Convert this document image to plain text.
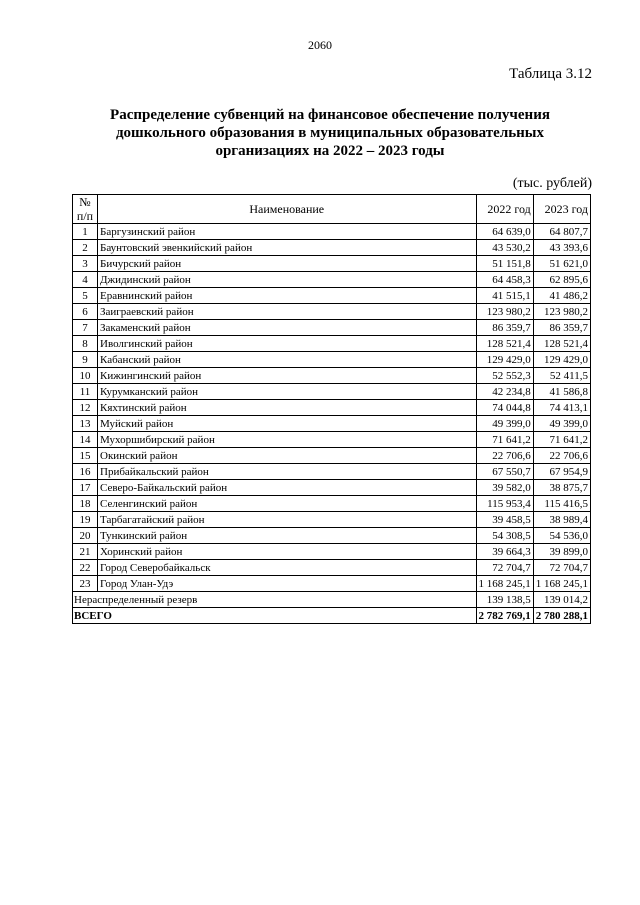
2060
Таблица 3.12
Распределение субвенций на финансовое обеспечение получения
дошкольного образования в муниципальных образовательных
организациях на 2022 – 2023 годы
(тыс. рублей)
№
п/п	Наименование	2022 год	2023 год
1	Баргузинский район	64 639,0	64 807,7
2	Баунтовский эвенкийский район	43 530,2	43 393,6
3	Бичурский район	51 151,8	51 621,0
4	Джидинский район	64 458,3	62 895,6
5	Еравнинский район	41 515,1	41 486,2
6	Заиграевский район	123 980,2	123 980,2
7	Закаменский район	86 359,7	86 359,7
8	Иволгинский район	128 521,4	128 521,4
9	Кабанский район	129 429,0	129 429,0
10	Кижингинский район	52 552,3	52 411,5
11	Курумканский район	42 234,8	41 586,8
12	Кяхтинский район	74 044,8	74 413,1
13	Муйский район	49 399,0	49 399,0
14	Мухоршибирский район	71 641,2	71 641,2
15	Окинский район	22 706,6	22 706,6
16	Прибайкальский район	67 550,7	67 954,9
17	Северо-Байкальский район	39 582,0	38 875,7
18	Селенгинский район	115 953,4	115 416,5
19	Тарбагатайский район	39 458,5	38 989,4
20	Тункинский район	54 308,5	54 536,0
21	Хоринский район	39 664,3	39 899,0
22	Город Северобайкальск	72 704,7	72 704,7
23	Город Улан-Удэ	1 168 245,1	1 168 245,1
Нераспределенный резерв		139 138,5	139 014,2
ВСЕГО		2 782 769,1	2 780 288,1
